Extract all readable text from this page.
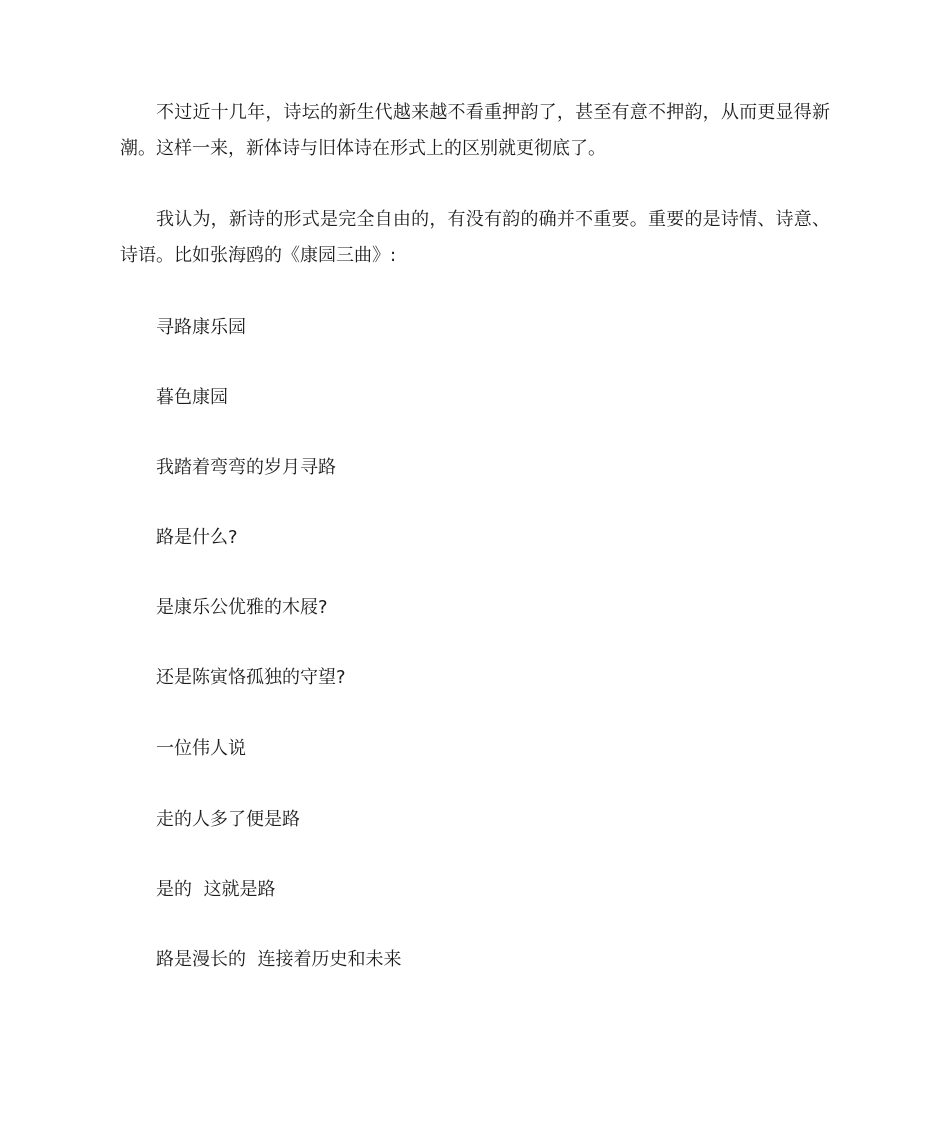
不过近十几年，诗坛的新生代越来越不看重押韵了，甚至有意不押韵，从而更显得新潮。这样一来，新体诗与旧体诗在形式上的区别就更彻底了。

我认为，新诗的形式是完全自由的，有没有韵的确并不重要。重要的是诗情、诗意、诗语。比如张海鸥的《康园三曲》:

寻路康乐园

暮色康园

我踏着弯弯的岁月寻路

路是什么?

是康乐公优雅的木屐?

还是陈寅恪孤独的守望?

一位伟人说

走的人多了便是路

是的  这就是路

路是漫长的  连接着历史和未来
